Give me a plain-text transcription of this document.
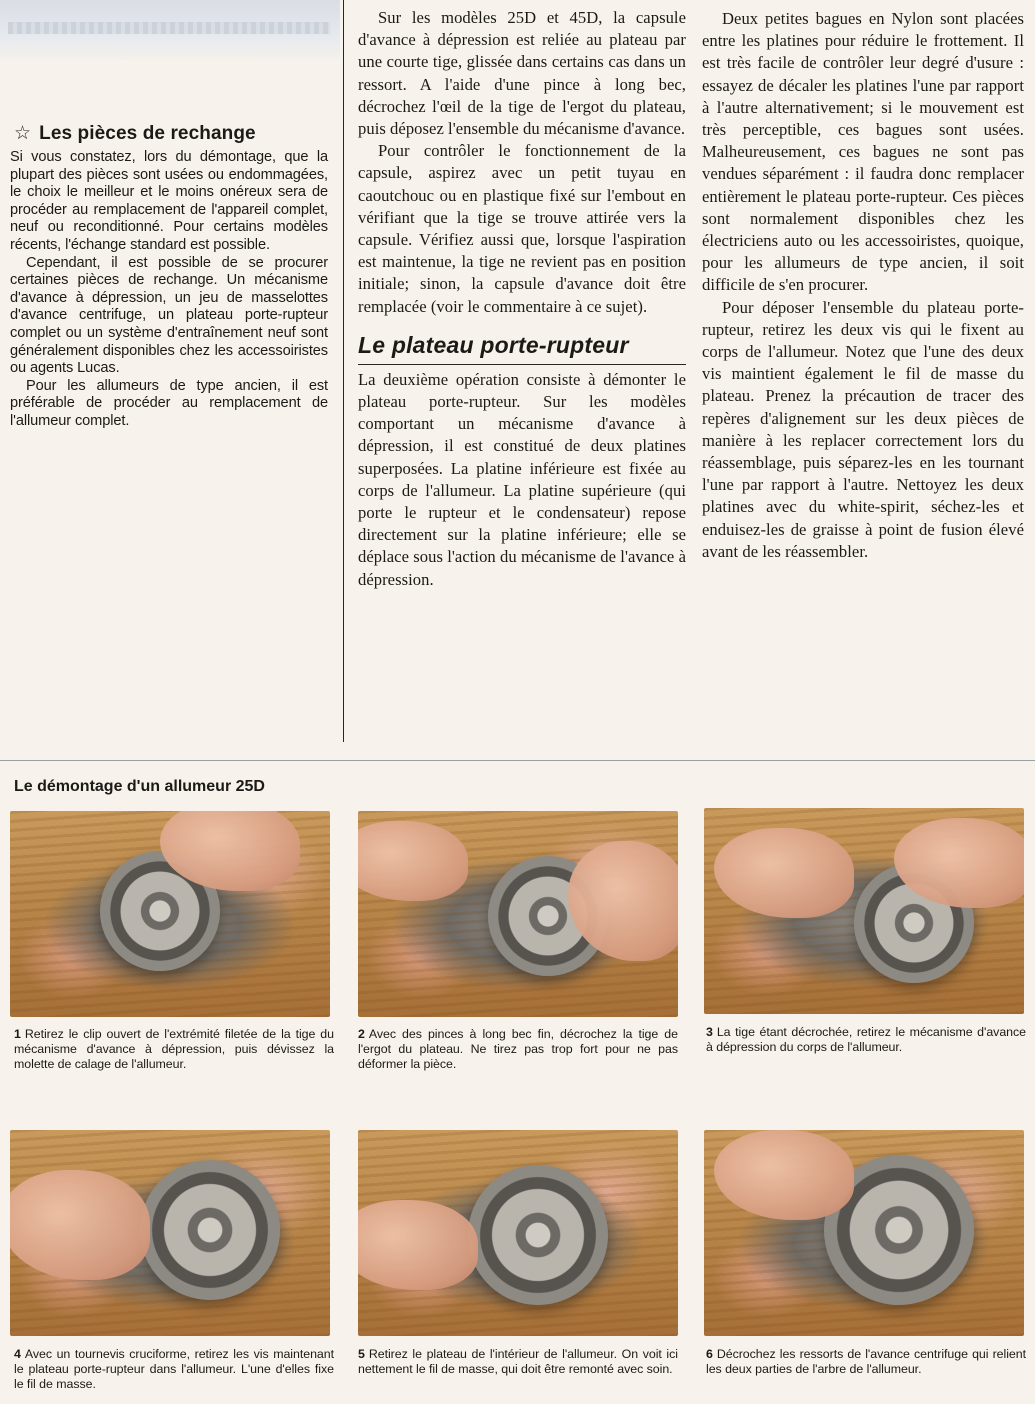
☆ Les pièces de rechange

Si vous constatez, lors du démontage, que la plupart des pièces sont usées ou endommagées, le choix le meilleur et le moins onéreux sera de procéder au remplacement de l'appareil complet, neuf ou reconditionné. Pour certains modèles récents, l'échange standard est possible.

Cependant, il est possible de se procurer certaines pièces de rechange. Un mécanisme d'avance à dépression, un jeu de masselottes d'avance centrifuge, un plateau porte-rupteur complet ou un système d'entraînement neuf sont généralement disponibles chez les accessoiristes ou agents Lucas.

Pour les allumeurs de type ancien, il est préférable de procéder au remplacement de l'allumeur complet.

Sur les modèles 25D et 45D, la capsule d'avance à dépression est reliée au plateau par une courte tige, glissée dans certains cas dans un ressort. A l'aide d'une pince à long bec, décrochez l'œil de la tige de l'ergot du plateau, puis déposez l'ensemble du mécanisme d'avance.

Pour contrôler le fonctionnement de la capsule, aspirez avec un petit tuyau en caoutchouc ou en plastique fixé sur l'embout en vérifiant que la tige se trouve attirée vers la capsule. Vérifiez aussi que, lorsque l'aspiration est maintenue, la tige ne revient pas en position initiale; sinon, la capsule d'avance doit être remplacée (voir le commentaire à ce sujet).

Le plateau porte-rupteur

La deuxième opération consiste à démonter le plateau porte-rupteur. Sur les modèles comportant un mécanisme d'avance à dépression, il est constitué de deux platines superposées. La platine inférieure est fixée au corps de l'allumeur. La platine supérieure (qui porte le rupteur et le condensateur) repose directement sur la platine inférieure; elle se déplace sous l'action du mécanisme de l'avance à dépression.

Deux petites bagues en Nylon sont placées entre les platines pour réduire le frottement. Il est très facile de contrôler leur degré d'usure : essayez de décaler les platines l'une par rapport à l'autre alternativement; si le mouvement est très perceptible, ces bagues sont usées. Malheureusement, ces bagues ne sont pas vendues séparément : il faudra donc remplacer entièrement le plateau porte-rupteur. Ces pièces sont normalement disponibles chez les électriciens auto ou les accessoiristes, quoique, pour les allumeurs de type ancien, il soit difficile de s'en procurer.

Pour déposer l'ensemble du plateau porte-rupteur, retirez les deux vis qui le fixent au corps de l'allumeur. Notez que l'une des deux vis maintient également le fil de masse du plateau. Prenez la précaution de tracer des repères d'alignement sur les deux pièces de manière à les replacer correctement lors du réassemblage, puis séparez-les en les tournant l'une par rapport à l'autre. Nettoyez les deux platines avec du white-spirit, séchez-les et enduisez-les de graisse à point de fusion élevé avant de les réassembler.

Le démontage d'un allumeur 25D
1 Retirez le clip ouvert de l'extrémité filetée de la tige du mécanisme d'avance à dépression, puis dévissez la molette de calage de l'allumeur.
2 Avec des pinces à long bec fin, décrochez la tige de l'ergot du plateau. Ne tirez pas trop fort pour ne pas déformer la pièce.
3 La tige étant décrochée, retirez le mécanisme d'avance à dépression du corps de l'allumeur.
4 Avec un tournevis cruciforme, retirez les vis maintenant le plateau porte-rupteur dans l'allumeur. L'une d'elles fixe le fil de masse.
5 Retirez le plateau de l'intérieur de l'allumeur. On voit ici nettement le fil de masse, qui doit être remonté avec soin.
6 Décrochez les ressorts de l'avance centrifuge qui relient les deux parties de l'arbre de l'allumeur.
